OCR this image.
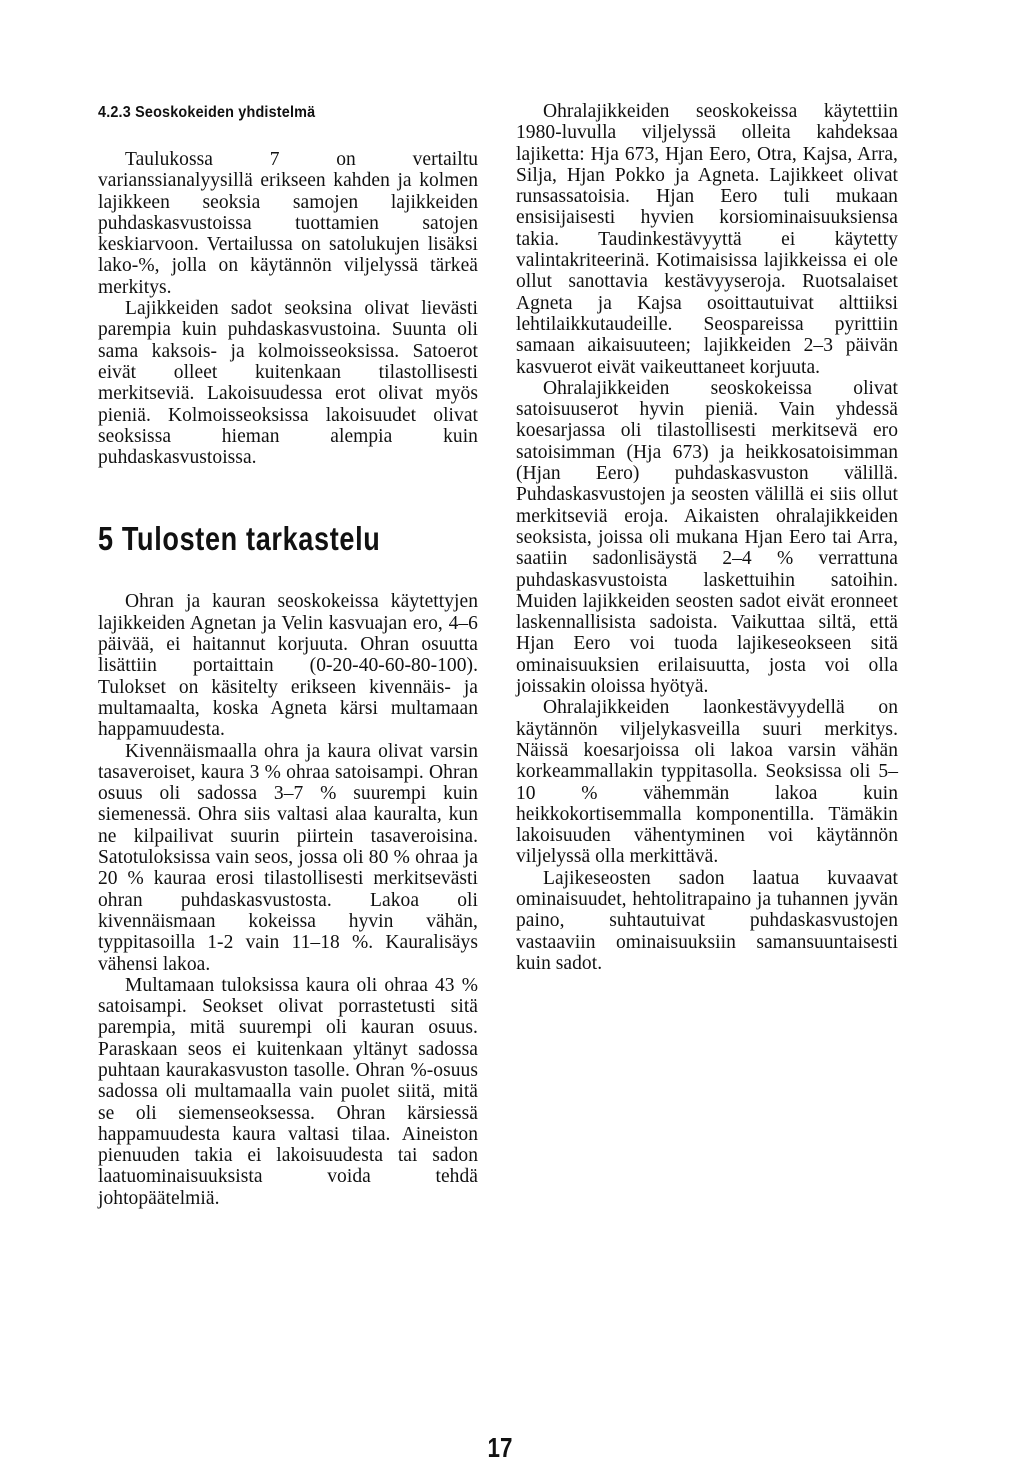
4.2.3 Seoskokeiden yhdistelmä

Taulukossa 7 on vertailtu varianssianalyysillä erikseen kahden ja kolmen lajikkeen seoksia samojen lajikkeiden puhdaskasvustoissa tuottamien satojen keskiarvoon. Vertailussa on satolukujen lisäksi lako-%, jolla on käytännön viljelyssä tärkeä merkitys.

Lajikkeiden sadot seoksina olivat lievästi parempia kuin puhdaskasvustoina. Suunta oli sama kaksois- ja kolmoisseoksissa. Satoerot eivät olleet kuitenkaan tilastollisesti merkitseviä. Lakoisuudessa erot olivat myös pieniä. Kolmoisseoksissa lakoisuudet olivat seoksissa hieman alempia kuin puhdaskasvustoissa.

5 Tulosten tarkastelu

Ohran ja kauran seoskokeissa käytettyjen lajikkeiden Agnetan ja Velin kasvuajan ero, 4–6 päivää, ei haitannut korjuuta. Ohran osuutta lisättiin portaittain (0-20-40-60-80-100). Tulokset on käsitelty erikseen kivennäis- ja multamaalta, koska Agneta kärsi multamaan happamuudesta.

Kivennäismaalla ohra ja kaura olivat varsin tasaveroiset, kaura 3 % ohraa satoisampi. Ohran osuus oli sadossa 3–7 % suurempi kuin siemenessä. Ohra siis valtasi alaa kauralta, kun ne kilpailivat suurin piirtein tasaveroisina. Satotuloksissa vain seos, jossa oli 80 % ohraa ja 20 % kauraa erosi tilastollisesti merkitsevästi ohran puhdaskasvustosta. Lakoa oli kivennäismaan kokeissa hyvin vähän, typpitasoilla 1-2 vain 11–18 %. Kauralisäys vähensi lakoa.

Multamaan tuloksissa kaura oli ohraa 43 % satoisampi. Seokset olivat porrastetusti sitä parempia, mitä suurempi oli kauran osuus. Paraskaan seos ei kuitenkaan yltänyt sadossa puhtaan kaurakasvuston tasolle. Ohran %-osuus sadossa oli multamaalla vain puolet siitä, mitä se oli siemenseoksessa. Ohran kärsiessä happamuudesta kaura valtasi tilaa. Aineiston pienuuden takia ei lakoisuudesta tai sadon laatuominaisuuksista voida tehdä johtopäätelmiä.

Ohralajikkeiden seoskokeissa käytettiin 1980-luvulla viljelyssä olleita kahdeksaa lajiketta: Hja 673, Hjan Eero, Otra, Kajsa, Arra, Silja, Hjan Pokko ja Agneta. Lajikkeet olivat runsassatoisia. Hjan Eero tuli mukaan ensisijaisesti hyvien korsiominaisuuksiensa takia. Taudinkestävyyttä ei käytetty valintakriteerinä. Kotimaisissa lajikkeissa ei ole ollut sanottavia kestävyyseroja. Ruotsalaiset Agneta ja Kajsa osoittautuivat alttiiksi lehtilaikkutaudeille. Seospareissa pyrittiin samaan aikaisuuteen; lajikkeiden 2–3 päivän kasvuerot eivät vaikeuttaneet korjuuta.

Ohralajikkeiden seoskokeissa olivat satoisuuserot hyvin pieniä. Vain yhdessä koesarjassa oli tilastollisesti merkitsevä ero satoisimman (Hja 673) ja heikkosatoisimman (Hjan Eero) puhdaskasvuston välillä. Puhdaskasvustojen ja seosten välillä ei siis ollut merkitseviä eroja. Aikaisten ohralajikkeiden seoksista, joissa oli mukana Hjan Eero tai Arra, saatiin sadonlisäystä 2–4 % verrattuna puhdaskasvustoista laskettuihin satoihin. Muiden lajikkeiden seosten sadot eivät eronneet laskennallisista sadoista. Vaikuttaa siltä, että Hjan Eero voi tuoda lajikeseokseen sitä ominaisuuksien erilaisuutta, josta voi olla joissakin oloissa hyötyä.

Ohralajikkeiden laonkestävyydellä on käytännön viljelykasveilla suuri merkitys. Näissä koesarjoissa oli lakoa varsin vähän korkeammallakin typpitasolla. Seoksissa oli 5–10 % vähemmän lakoa kuin heikkokortisemmalla komponentilla. Tämäkin lakoisuuden vähentyminen voi käytännön viljelyssä olla merkittävä.

Lajikeseosten sadon laatua kuvaavat ominaisuudet, hehtolitrapaino ja tuhannen jyvän paino, suhtautuivat puhdaskasvustojen vastaaviin ominaisuuksiin samansuuntaisesti kuin sadot.

17
